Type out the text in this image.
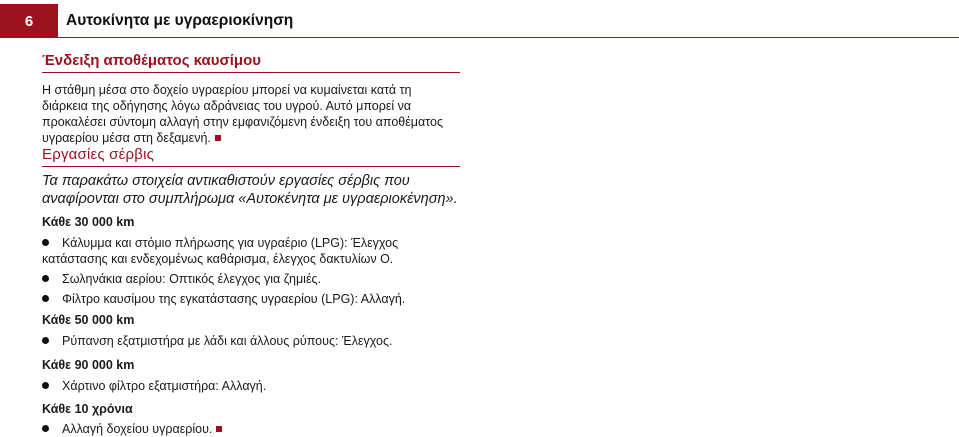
6	Αυτοκίνητα με υγραεριοκίνηση
Ένδειξη αποθέματος καυσίμου

Η στάθμη μέσα στο δοχείο υγραερίου μπορεί να κυμαίνεται κατά τη διάρκεια της οδήγησης λόγω αδράνειας του υγρού. Αυτό μπορεί να προκαλέσει σύντομη αλλαγή στην εμφανιζόμενη ένδειξη του αποθέματος υγραερίου μέσα στη δεξαμενή.

Εργασίες σέρβις

Τα παρακάτω στοιχεία αντικαθιστούν εργασίες σέρβις που αναφίρονται στο συμπλήρωμα «Αυτοκένητα με υγραεριοκένηση».

Κάθε 30 000 km

Κάλυμμα και στόμιο πλήρωσης για υγραέριο (LPG): Έλεγχος κατάστασης και ενδεχομένως καθάρισμα, έλεγχος δακτυλίων O.
Σωληνάκια αερίου: Οπτικός έλεγχος για ζημιές.
Φίλτρο καυσίμου της εγκατάστασης υγραερίου (LPG): Αλλαγή.

Κάθε 50 000 km

Ρύπανση εξατμιστήρα με λάδι και άλλους ρύπους: Έλεγχος.

Κάθε 90 000 km

Χάρτινο φίλτρο εξατμιστήρα: Αλλαγή.

Κάθε 10 χρόνια

Αλλαγή δοχείου υγραερίου.
